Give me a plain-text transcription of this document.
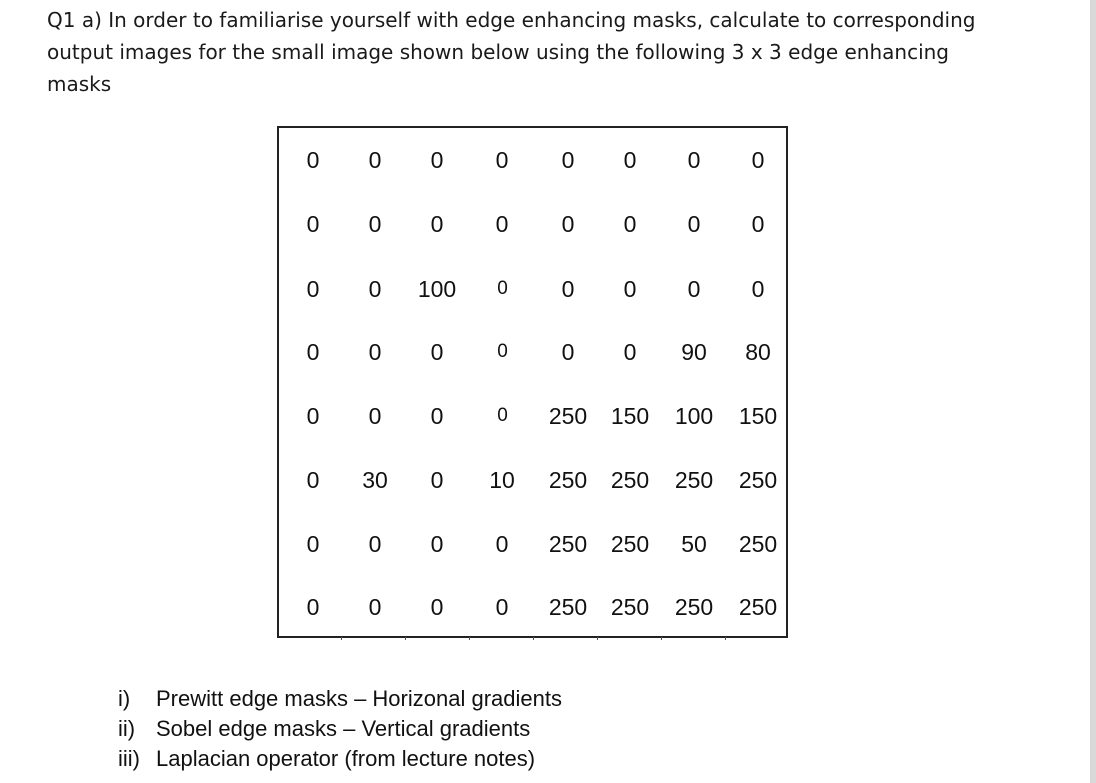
Q1 a) In order to familiarise yourself with edge enhancing masks, calculate to corresponding
output images for the small image shown below using the following 3 x 3 edge enhancing
masks
0	0	0	0	0	0	0	0
0	0	0	0	0	0	0	0
0	0	100	0	0	0	0	0
0	0	0	0	0	0	90	80
0	0	0	0	250	150	100	150
0	30	0	10	250	250	250	250
0	0	0	0	250	250	50	250
0	0	0	0	250	250	250	250
i) Prewitt edge masks – Horizonal gradients
ii) Sobel edge masks – Vertical gradients
iii) Laplacian operator (from lecture notes)
